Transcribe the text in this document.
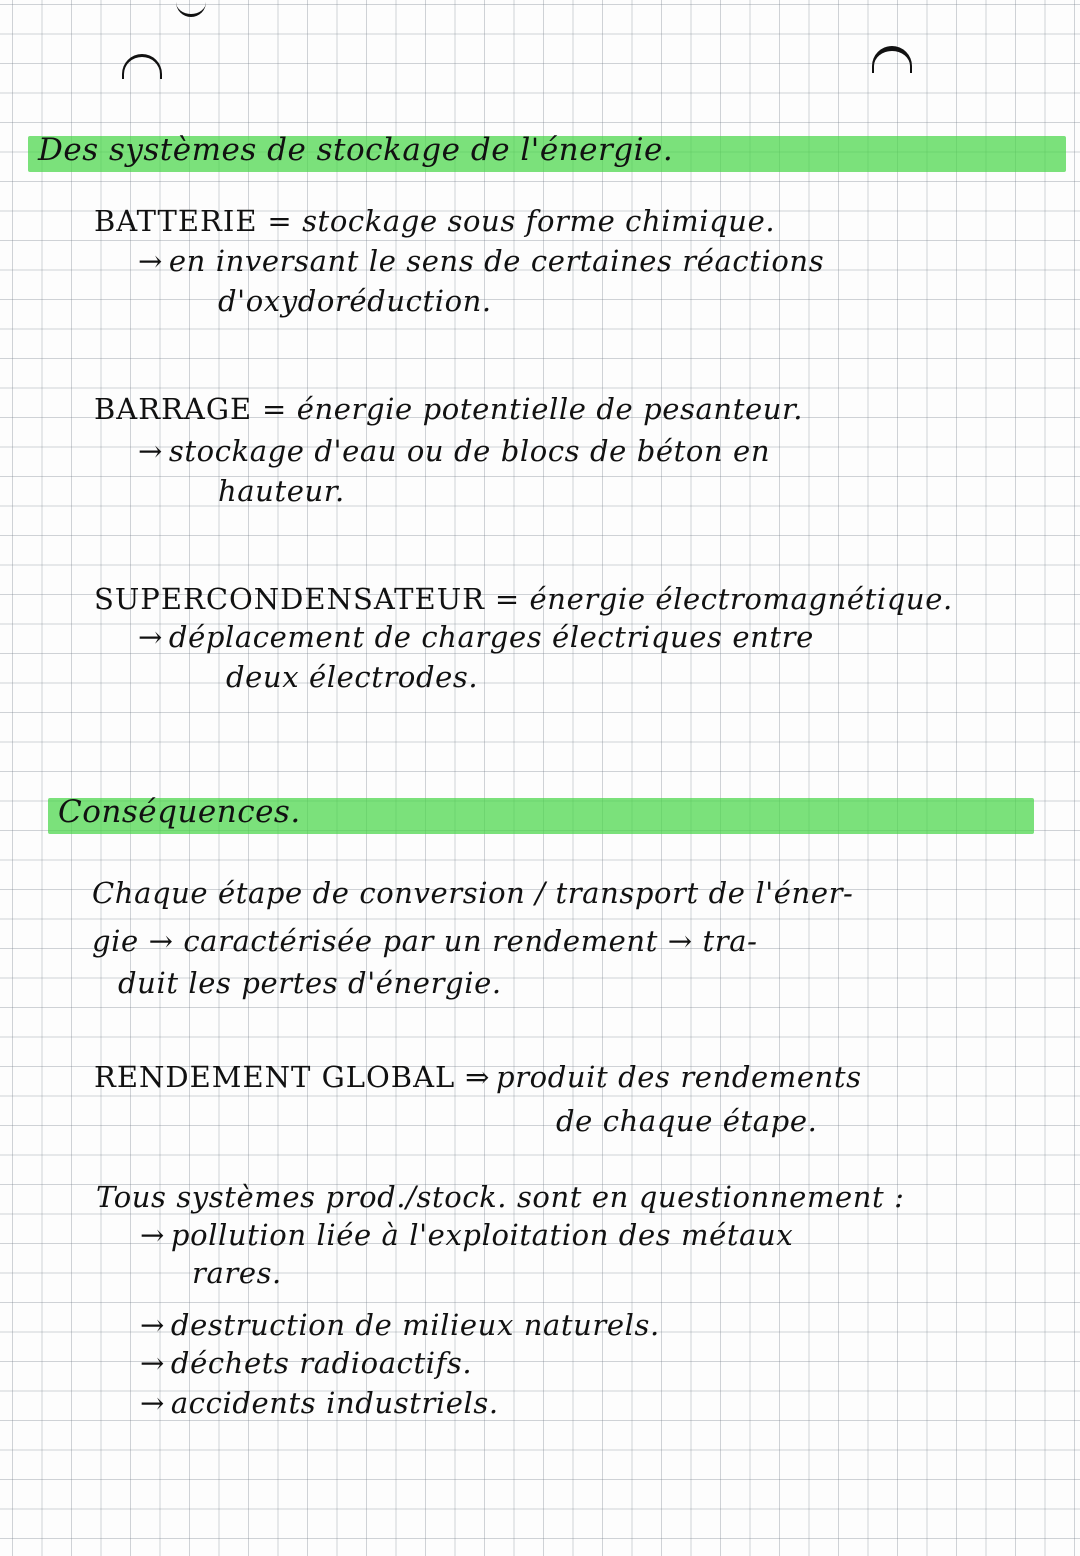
Des systèmes de stockage de l'énergie.
BATTERIE = stockage sous forme chimique.
→ en inversant le sens de certaines réactions
d'oxydoréduction.
BARRAGE = énergie potentielle de pesanteur.
→ stockage d'eau ou de blocs de béton en
hauteur.
SUPERCONDENSATEUR = énergie électromagnétique.
→ déplacement de charges électriques entre
deux électrodes.
Conséquences.
Chaque étape de conversion / transport de l'éner-
gie → caractérisée par un rendement → tra-
duit les pertes d'énergie.
RENDEMENT GLOBAL ⇒ produit des rendements
de chaque étape.
Tous systèmes prod./stock. sont en questionnement :
→ pollution liée à l'exploitation des métaux
rares.
→ destruction de milieux naturels.
→ déchets radioactifs.
→ accidents industriels.
